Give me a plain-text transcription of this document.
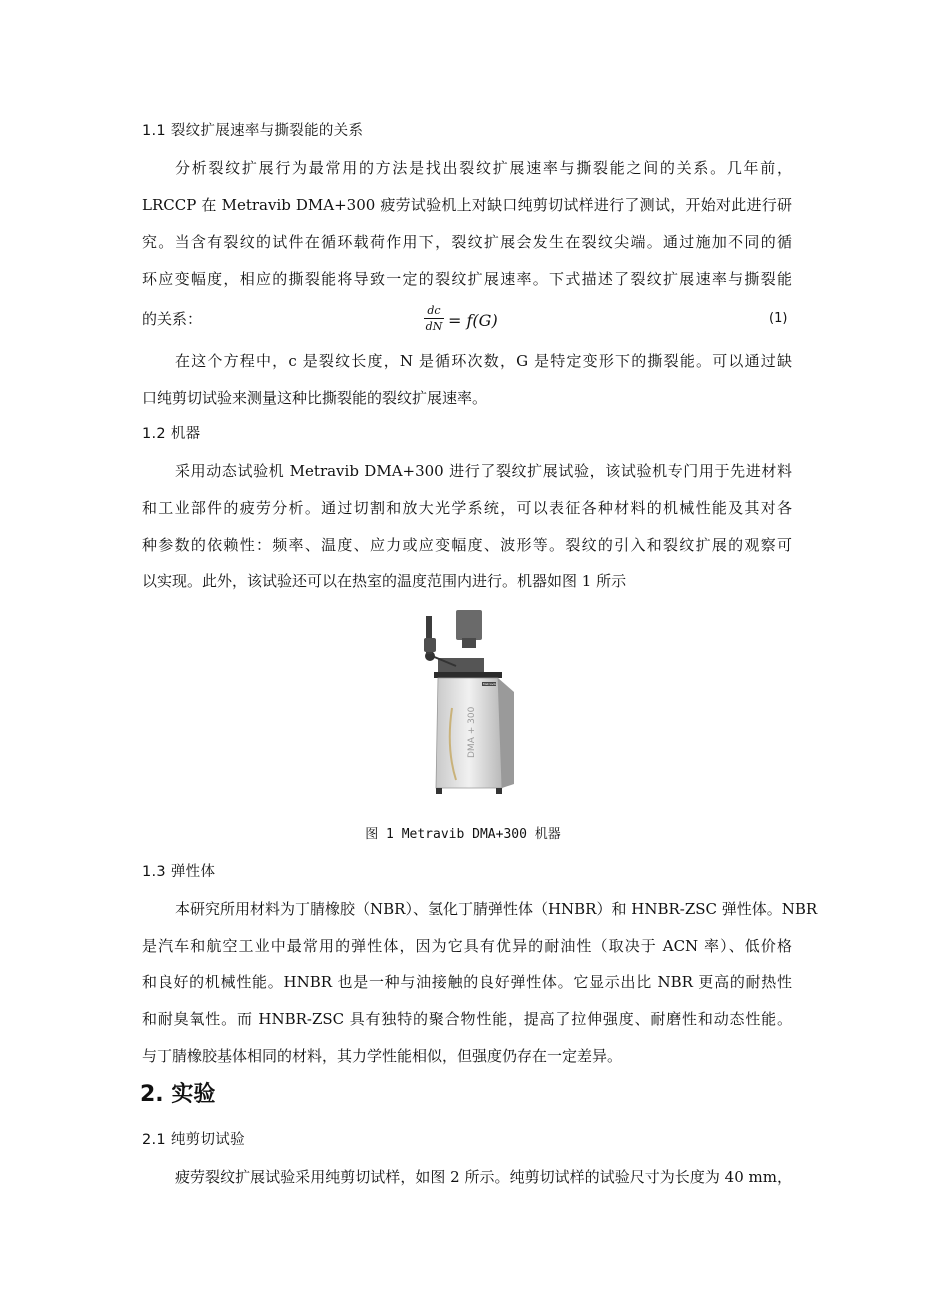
1.1 裂纹扩展速率与撕裂能的关系
分析裂纹扩展行为最常用的方法是找出裂纹扩展速率与撕裂能之间的关系。几年前，
LRCCP 在 Metravib DMA+300 疲劳试验机上对缺口纯剪切试样进行了测试，开始对此进行研
究。当含有裂纹的试件在循环载荷作用下，裂纹扩展会发生在裂纹尖端。通过施加不同的循
环应变幅度，相应的撕裂能将导致一定的裂纹扩展速率。下式描述了裂纹扩展速率与撕裂能
的关系：	dc
dN = f(G)	(1)
在这个方程中，c 是裂纹长度，N 是循环次数，G 是特定变形下的撕裂能。可以通过缺
口纯剪切试验来测量这种比撕裂能的裂纹扩展速率。
1.2 机器
采用动态试验机 Metravib DMA+300 进行了裂纹扩展试验，该试验机专门用于先进材料
和工业部件的疲劳分析。通过切割和放大光学系统，可以表征各种材料的机械性能及其对各
种参数的依赖性：频率、温度、应力或应变幅度、波形等。裂纹的引入和裂纹扩展的观察可
以实现。此外，该试验还可以在热室的温度范围内进行。机器如图 1 所示
DMA + 300
Metravib
图 1 Metravib DMA+300 机器
1.3 弹性体
本研究所用材料为丁腈橡胶（NBR）、氢化丁腈弹性体（HNBR）和 HNBR-ZSC 弹性体。NBR
是汽车和航空工业中最常用的弹性体，因为它具有优异的耐油性（取决于 ACN 率）、低价格
和良好的机械性能。HNBR 也是一种与油接触的良好弹性体。它显示出比 NBR 更高的耐热性
和耐臭氧性。而 HNBR-ZSC 具有独特的聚合物性能，提高了拉伸强度、耐磨性和动态性能。
与丁腈橡胶基体相同的材料，其力学性能相似，但强度仍存在一定差异。
2. 实验
2.1 纯剪切试验
疲劳裂纹扩展试验采用纯剪切试样，如图 2 所示。纯剪切试样的试验尺寸为长度为 40 mm，
